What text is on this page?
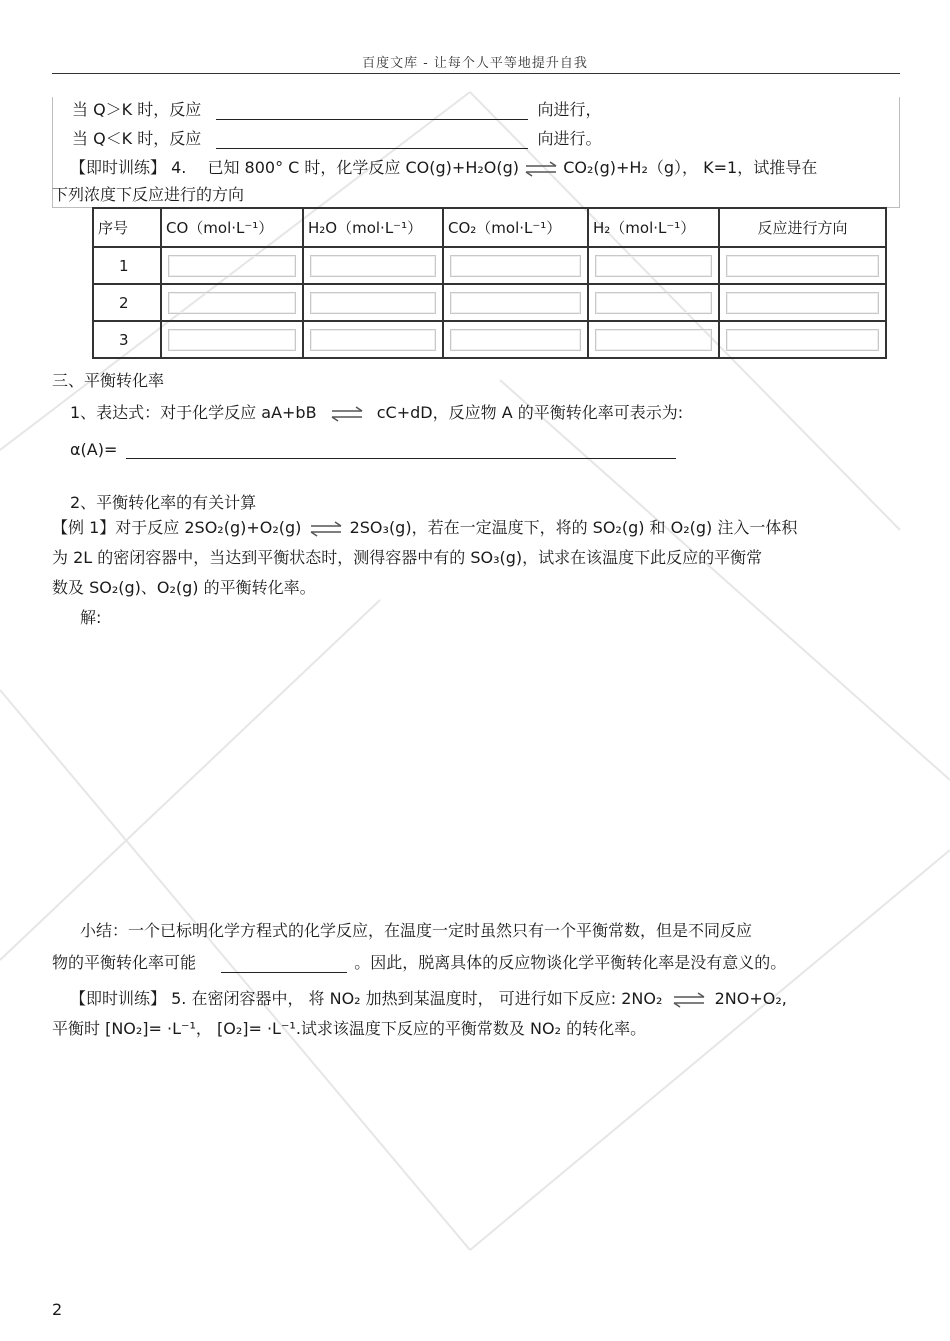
百度文库 - 让每个人平等地提升自我
当 Q＞K 时，反应	向进行，
当 Q＜K 时，反应	向进行。
【即时训练】 4. 已知 800° C 时，化学反应 CO(g)+H₂O(g) ⇌ CO₂(g)+H₂（g）， K=1，试推导在
下列浓度下反应进行的方向
序号	CO（mol·L⁻¹）	H₂O（mol·L⁻¹）	CO₂（mol·L⁻¹）	H₂（mol·L⁻¹）	反应进行方向
1	

2	

3	

三、平衡转化率
1、表达式：对于化学反应 aA+bB ⇌ cC+dD，反应物 A 的平衡转化率可表示为:
α(A)=
2、平衡转化率的有关计算
【例 1】对于反应 2SO₂(g)+O₂(g) ⇌ 2SO₃(g)，若在一定温度下，将的 SO₂(g) 和 O₂(g) 注入一体积
为 2L 的密闭容器中，当达到平衡状态时，测得容器中有的 SO₃(g)，试求在该温度下此反应的平衡常
数及 SO₂(g)、O₂(g) 的平衡转化率。
解:
小结：一个已标明化学方程式的化学反应，在温度一定时虽然只有一个平衡常数，但是不同反应
物的平衡转化率可能	。因此，脱离具体的反应物谈化学平衡转化率是没有意义的。
【即时训练】 5. 在密闭容器中， 将 NO₂ 加热到某温度时， 可进行如下反应: 2NO₂ ⇌ 2NO+O₂,
平衡时 [NO₂]= ·L⁻¹， [O₂]= ·L⁻¹.试求该温度下反应的平衡常数及 NO₂ 的转化率。
2
